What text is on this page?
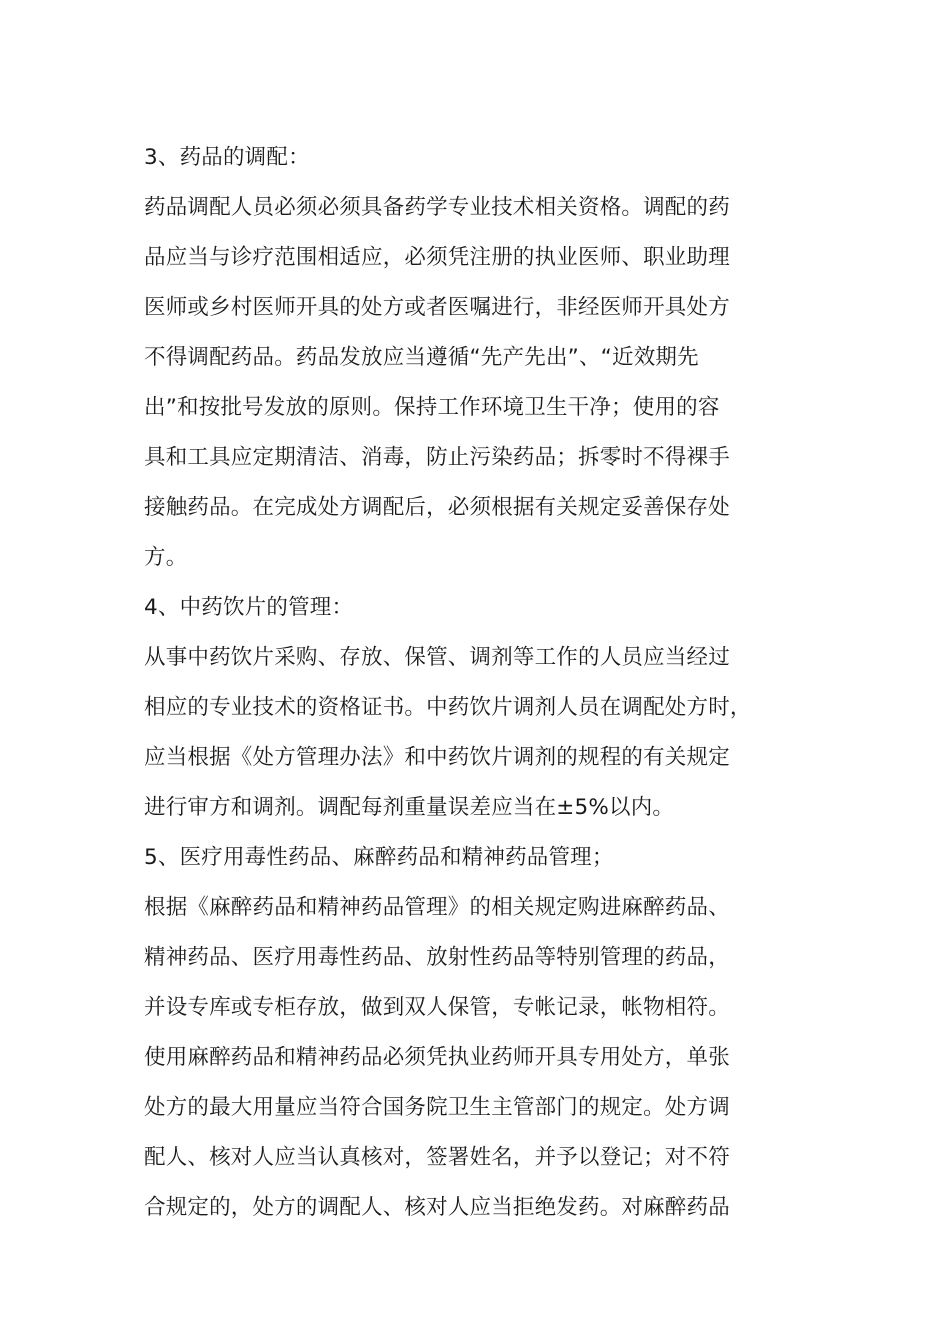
3、药品的调配：
药品调配人员必须必须具备药学专业技术相关资格。调配的药
品应当与诊疗范围相适应，必须凭注册的执业医师、职业助理
医师或乡村医师开具的处方或者医嘱进行，非经医师开具处方
不得调配药品。药品发放应当遵循“先产先出”、“近效期先
出”和按批号发放的原则。保持工作环境卫生干净；使用的容
具和工具应定期清洁、消毒，防止污染药品；拆零时不得裸手
接触药品。在完成处方调配后，必须根据有关规定妥善保存处
方。
4、中药饮片的管理：
从事中药饮片采购、存放、保管、调剂等工作的人员应当经过
相应的专业技术的资格证书。中药饮片调剂人员在调配处方时，
应当根据《处方管理办法》和中药饮片调剂的规程的有关规定
进行审方和调剂。调配每剂重量误差应当在±5%以内。
5、医疗用毒性药品、麻醉药品和精神药品管理；
根据《麻醉药品和精神药品管理》的相关规定购进麻醉药品、
精神药品、医疗用毒性药品、放射性药品等特别管理的药品，
并设专库或专柜存放，做到双人保管，专帐记录，帐物相符。
使用麻醉药品和精神药品必须凭执业药师开具专用处方，单张
处方的最大用量应当符合国务院卫生主管部门的规定。处方调
配人、核对人应当认真核对，签署姓名，并予以登记；对不符
合规定的，处方的调配人、核对人应当拒绝发药。对麻醉药品
